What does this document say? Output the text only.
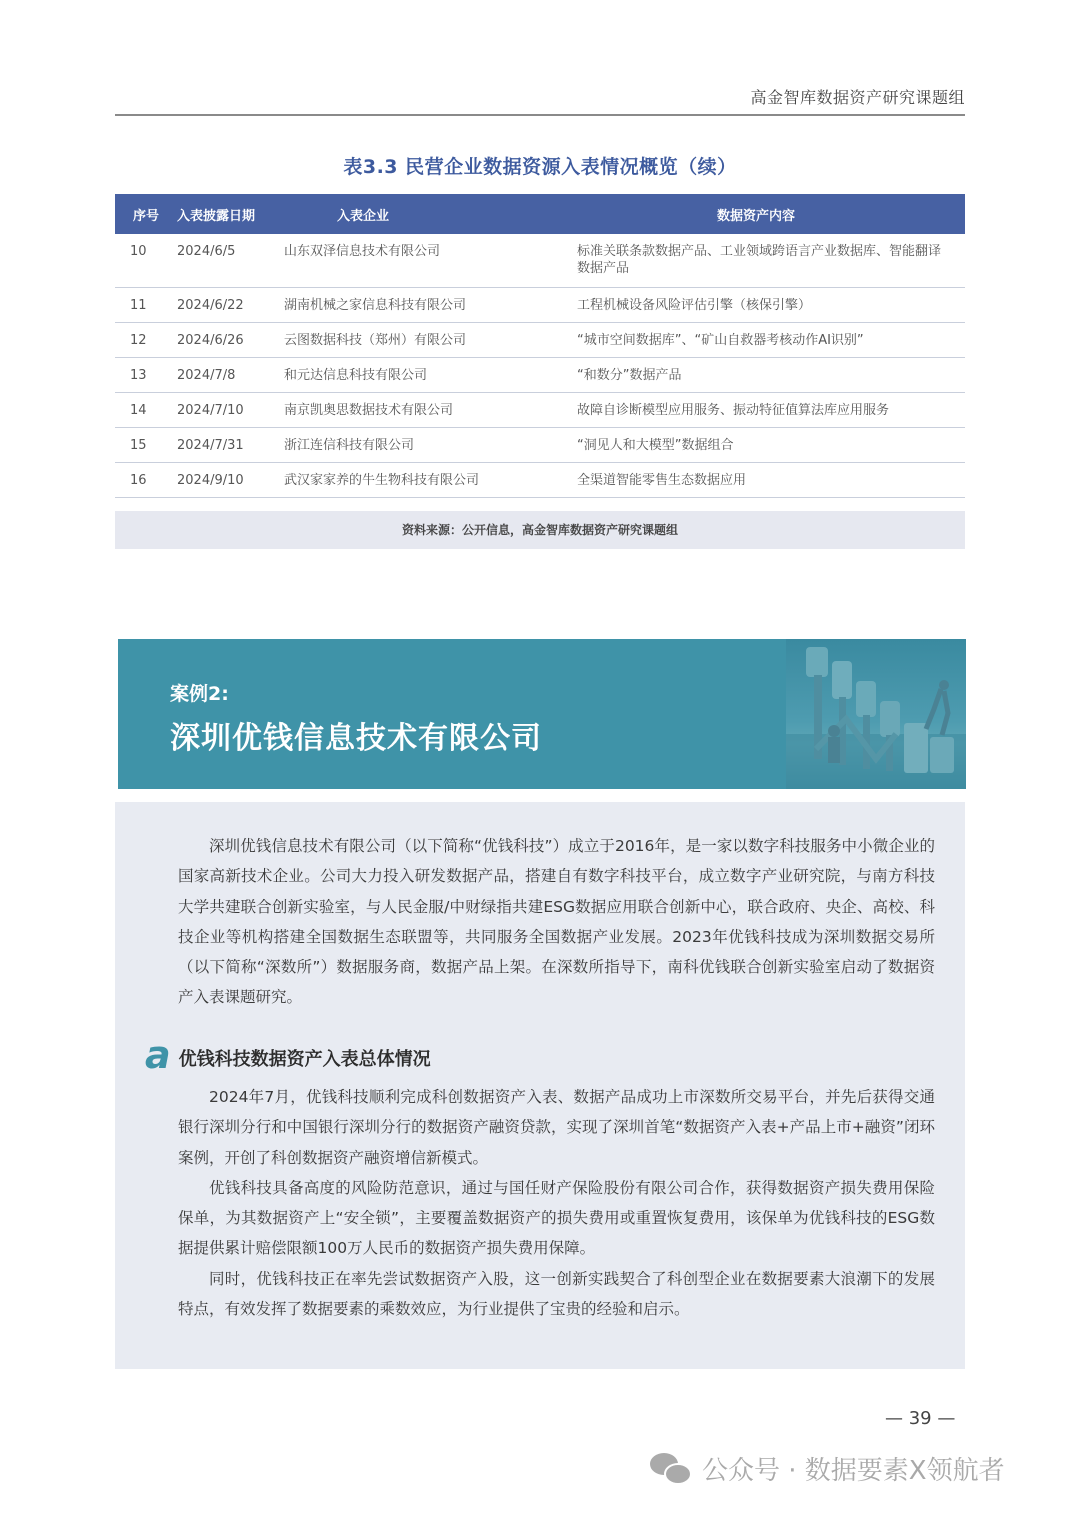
高金智库数据资产研究课题组
表3.3 民营企业数据资源入表情况概览（续）
序号	入表披露日期	入表企业	数据资产内容
10	2024/6/5	山东双泽信息技术有限公司	标准关联条款数据产品、工业领域跨语言产业数据库、智能翻译数据产品
11	2024/6/22	湖南机械之家信息科技有限公司	工程机械设备风险评估引擎（核保引擎）
12	2024/6/26	云图数据科技（郑州）有限公司	“城市空间数据库”、“矿山自救器考核动作AI识别”
13	2024/7/8	和元达信息科技有限公司	“和数分”数据产品
14	2024/7/10	南京凯奥思数据技术有限公司	故障自诊断模型应用服务、振动特征值算法库应用服务
15	2024/7/31	浙江连信科技有限公司	“洞见人和大模型”数据组合
16	2024/9/10	武汉家家养的牛生物科技有限公司	全渠道智能零售生态数据应用
资料来源：公开信息，高金智库数据资产研究课题组
案例2:
深圳优钱信息技术有限公司

深圳优钱信息技术有限公司（以下简称“优钱科技”）成立于2016年，是一家以数字科技服务中小微企业的国家高新技术企业。公司大力投入研发数据产品，搭建自有数字科技平台，成立数字产业研究院，与南方科技大学共建联合创新实验室，与人民金服/中财绿指共建ESG数据应用联合创新中心，联合政府、央企、高校、科技企业等机构搭建全国数据生态联盟等，共同服务全国数据产业发展。2023年优钱科技成为深圳数据交易所（以下简称“深数所”）数据服务商，数据产品上架。在深数所指导下，南科优钱联合创新实验室启动了数据资产入表课题研究。

a 优钱科技数据资产入表总体情况

2024年7月，优钱科技顺利完成科创数据资产入表、数据产品成功上市深数所交易平台，并先后获得交通银行深圳分行和中国银行深圳分行的数据资产融资贷款，实现了深圳首笔“数据资产入表+产品上市+融资”闭环案例，开创了科创数据资产融资增信新模式。

优钱科技具备高度的风险防范意识，通过与国任财产保险股份有限公司合作，获得数据资产损失费用保险保单，为其数据资产上“安全锁”，主要覆盖数据资产的损失费用或重置恢复费用，该保单为优钱科技的ESG数据提供累计赔偿限额100万人民币的数据资产损失费用保障。

同时，优钱科技正在率先尝试数据资产入股，这一创新实践契合了科创型企业在数据要素大浪潮下的发展特点，有效发挥了数据要素的乘数效应，为行业提供了宝贵的经验和启示。

— 39 —
公众号 · 数据要素X领航者
